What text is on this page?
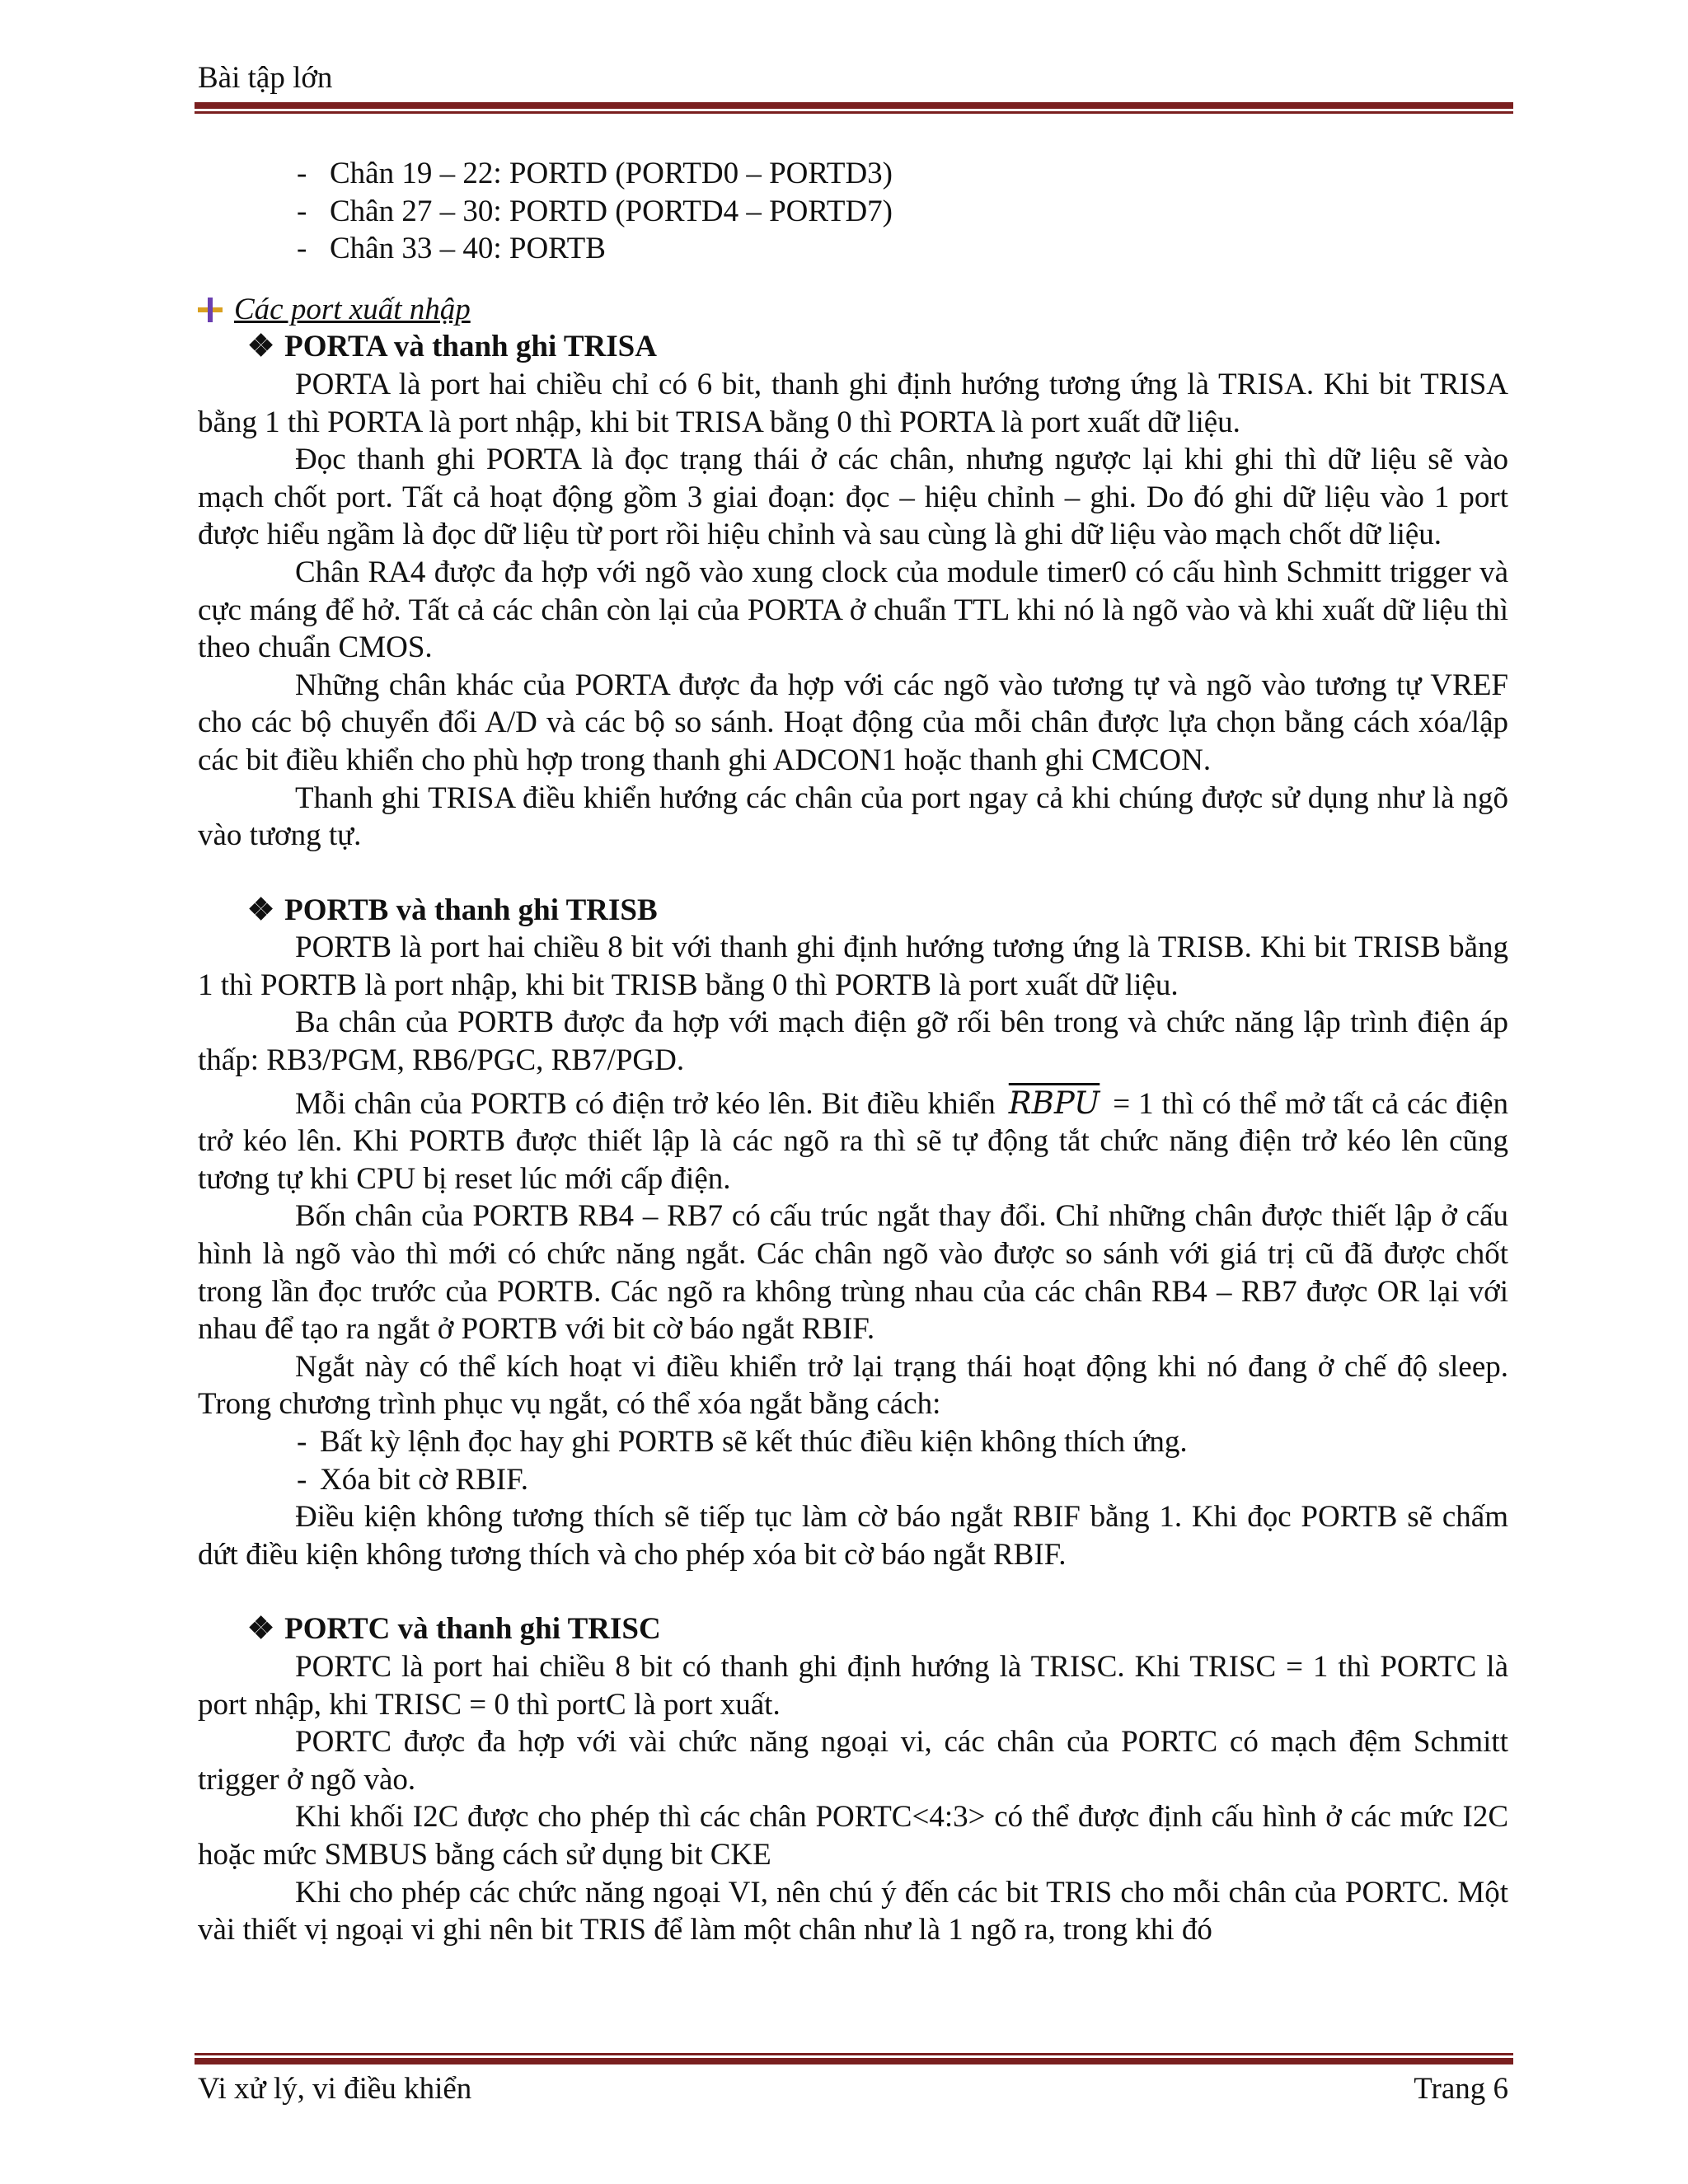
Bài tập lớn
- Chân 19 – 22: PORTD (PORTD0 – PORTD3)
- Chân 27 – 30: PORTD (PORTD4 – PORTD7)
- Chân 33 – 40: PORTB
Các port xuất nhập
❖ PORTA và thanh ghi TRISA

PORTA là port hai chiều chỉ có 6 bit, thanh ghi định hướng tương ứng là TRISA. Khi bit TRISA bằng 1 thì PORTA là port nhập, khi bit TRISA bằng 0 thì PORTA là port xuất dữ liệu.

Đọc thanh ghi PORTA là đọc trạng thái ở các chân, nhưng ngược lại khi ghi thì dữ liệu sẽ vào mạch chốt port. Tất cả hoạt động gồm 3 giai đoạn: đọc – hiệu chỉnh – ghi. Do đó ghi dữ liệu vào 1 port được hiểu ngầm là đọc dữ liệu từ port rồi hiệu chỉnh và sau cùng là ghi dữ liệu vào mạch chốt dữ liệu.

Chân RA4 được đa hợp với ngõ vào xung clock của module timer0 có cấu hình Schmitt trigger và cực máng để hở. Tất cả các chân còn lại của PORTA ở chuẩn TTL khi nó là ngõ vào và khi xuất dữ liệu thì theo chuẩn CMOS.

Những chân khác của PORTA được đa hợp với các ngõ vào tương tự và ngõ vào tương tự VREF cho các bộ chuyển đổi A/D và các bộ so sánh. Hoạt động của mỗi chân được lựa chọn bằng cách xóa/lập các bit điều khiển cho phù hợp trong thanh ghi ADCON1 hoặc thanh ghi CMCON.

Thanh ghi TRISA điều khiển hướng các chân của port ngay cả khi chúng được sử dụng như là ngõ vào tương tự.

❖ PORTB và thanh ghi TRISB

PORTB là port hai chiều 8 bit với thanh ghi định hướng tương ứng là TRISB. Khi bit TRISB bằng 1 thì PORTB là port nhập, khi bit TRISB bằng 0 thì PORTB là port xuất dữ liệu.

Ba chân của PORTB được đa hợp với mạch điện gỡ rối bên trong và chức năng lập trình điện áp thấp: RB3/PGM, RB6/PGC, RB7/PGD.

Mỗi chân của PORTB có điện trở kéo lên. Bit điều khiển RBPU = 1 thì có thể mở tất cả các điện trở kéo lên. Khi PORTB được thiết lập là các ngõ ra thì sẽ tự động tắt chức năng điện trở kéo lên cũng tương tự khi CPU bị reset lúc mới cấp điện.

Bốn chân của PORTB RB4 – RB7 có cấu trúc ngắt thay đổi. Chỉ những chân được thiết lập ở cấu hình là ngõ vào thì mới có chức năng ngắt. Các chân ngõ vào được so sánh với giá trị cũ đã được chốt trong lần đọc trước của PORTB. Các ngõ ra không trùng nhau của các chân RB4 – RB7 được OR lại với nhau để tạo ra ngắt ở PORTB với bit cờ báo ngắt RBIF.

Ngắt này có thể kích hoạt vi điều khiển trở lại trạng thái hoạt động khi nó đang ở chế độ sleep. Trong chương trình phục vụ ngắt, có thể xóa ngắt bằng cách:

- Bất kỳ lệnh đọc hay ghi PORTB sẽ kết thúc điều kiện không thích ứng.
- Xóa bit cờ RBIF.

Điều kiện không tương thích sẽ tiếp tục làm cờ báo ngắt RBIF bằng 1. Khi đọc PORTB sẽ chấm dứt điều kiện không tương thích và cho phép xóa bit cờ báo ngắt RBIF.

❖ PORTC và thanh ghi TRISC

PORTC là port hai chiều 8 bit có thanh ghi định hướng là TRISC. Khi TRISC = 1 thì PORTC là port nhập, khi TRISC = 0 thì portC là port xuất.

PORTC được đa hợp với vài chức năng ngoại vi, các chân của PORTC có mạch đệm Schmitt trigger ở ngõ vào.

Khi khối I2C được cho phép thì các chân PORTC<4:3> có thể được định cấu hình ở các mức I2C hoặc mức SMBUS bằng cách sử dụng bit CKE

Khi cho phép các chức năng ngoại VI, nên chú ý đến các bit TRIS cho mỗi chân của PORTC. Một vài thiết vị ngoại vi ghi nên bit TRIS để làm một chân như là 1 ngõ ra, trong khi đó

Vi xử lý, vi điều khiển	Trang 6
